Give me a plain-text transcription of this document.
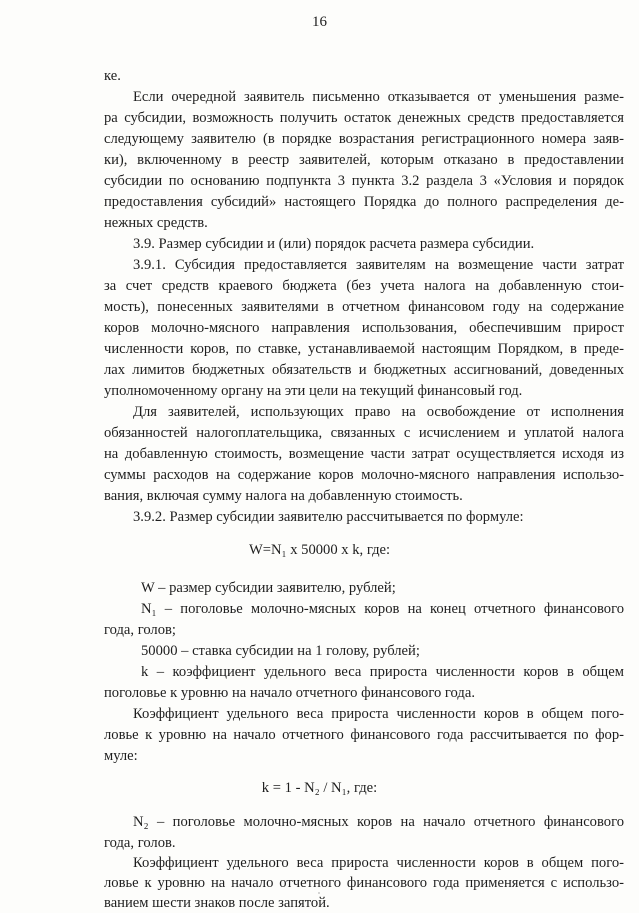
16
ке.
Если очередной заявитель письменно отказывается от уменьшения разме-
ра субсидии, возможность получить остаток денежных средств предоставляется
следующему заявителю (в порядке возрастания регистрационного номера заяв-
ки), включенному в реестр заявителей, которым отказано в предоставлении
субсидии по основанию подпункта 3 пункта 3.2 раздела 3 «Условия и порядок
предоставления субсидий» настоящего Порядка до полного распределения де-
нежных средств.
3.9. Размер субсидии и (или) порядок расчета размера субсидии.
3.9.1. Субсидия предоставляется заявителям на возмещение части затрат
за счет средств краевого бюджета (без учета налога на добавленную стои-
мость), понесенных заявителями в отчетном финансовом году на содержание
коров молочно-мясного направления использования, обеспечившим прирост
численности коров, по ставке, устанавливаемой настоящим Порядком, в преде-
лах лимитов бюджетных обязательств и бюджетных ассигнований, доведенных
уполномоченному органу на эти цели на текущий финансовый год.
Для заявителей, использующих право на освобождение от исполнения
обязанностей налогоплательщика, связанных с исчислением и уплатой налога
на добавленную стоимость, возмещение части затрат осуществляется исходя из
суммы расходов на содержание коров молочно-мясного направления использо-
вания, включая сумму налога на добавленную стоимость.
3.9.2. Размер субсидии заявителю рассчитывается по формуле:
W=N₁ x 50000 x k, где:
W – размер субсидии заявителю, рублей;
N₁ – поголовье молочно-мясных коров на конец отчетного финансового
года, голов;
50000 – ставка субсидии на 1 голову, рублей;
k – коэффициент удельного веса прироста численности коров в общем
поголовье к уровню на начало отчетного финансового года.
Коэффициент удельного веса прироста численности коров в общем пого-
ловье к уровню на начало отчетного финансового года рассчитывается по фор-
муле:
k = 1 - N₂ / N₁, где:
N₂ – поголовье молочно-мясных коров на начало отчетного финансового
года, голов.
Коэффициент удельного веса прироста численности коров в общем пого-
ловье к уровню на начало отчетного финансового года применяется с использо-
ванием шести знаков после запятой.
